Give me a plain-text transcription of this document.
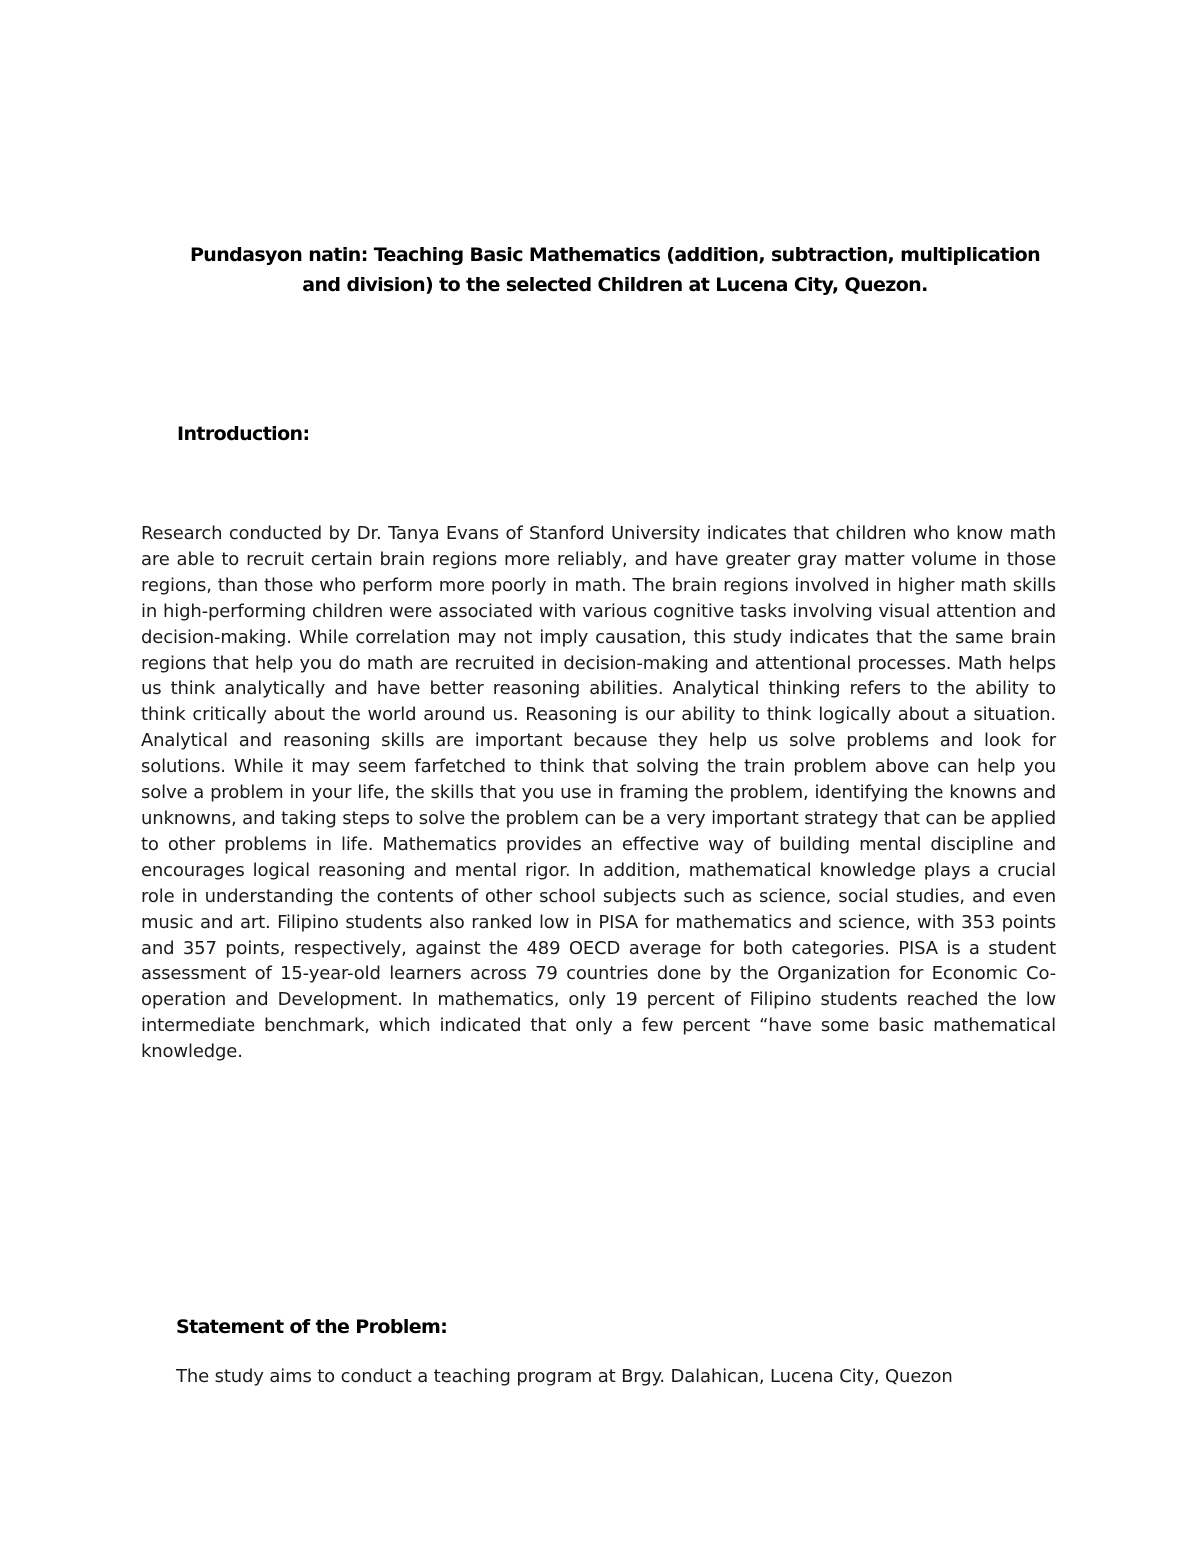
Pundasyon natin: Teaching Basic Mathematics (addition, subtraction, multiplication and division) to the selected Children at Lucena City, Quezon.
Introduction:

Research conducted by Dr. Tanya Evans of Stanford University indicates that children who know math are able to recruit certain brain regions more reliably, and have greater gray matter volume in those regions, than those who perform more poorly in math. The brain regions involved in higher math skills in high-performing children were associated with various cognitive tasks involving visual attention and decision-making. While correlation may not imply causation, this study indicates that the same brain regions that help you do math are recruited in decision-making and attentional processes. Math helps us think analytically and have better reasoning abilities. Analytical thinking refers to the ability to think critically about the world around us. Reasoning is our ability to think logically about a situation. Analytical and reasoning skills are important because they help us solve problems and look for solutions. While it may seem farfetched to think that solving the train problem above can help you solve a problem in your life, the skills that you use in framing the problem, identifying the knowns and unknowns, and taking steps to solve the problem can be a very important strategy that can be applied to other problems in life. Mathematics provides an effective way of building mental discipline and encourages logical reasoning and mental rigor. In addition, mathematical knowledge plays a crucial role in understanding the contents of other school subjects such as science, social studies, and even music and art. Filipino students also ranked low in PISA for mathematics and science, with 353 points and 357 points, respectively, against the 489 OECD average for both categories. PISA is a student assessment of 15-year-old learners across 79 countries done by the Organization for Economic Co-operation and Development. In mathematics, only 19 percent of Filipino students reached the low intermediate benchmark, which indicated that only a few percent “have some basic mathematical knowledge.

Statement of the Problem:

The study aims to conduct a teaching program at Brgy. Dalahican, Lucena City, Quezon
